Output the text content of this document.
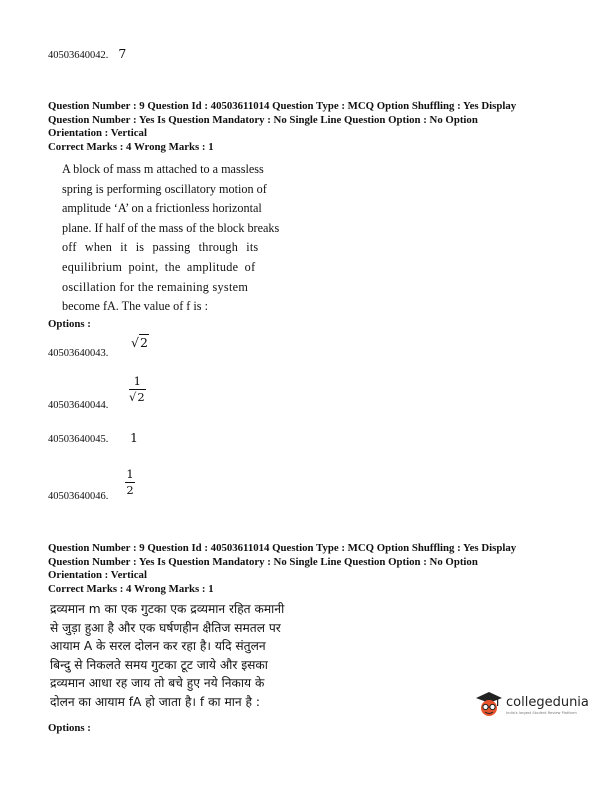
40503640042. 7
Question Number : 9 Question Id : 40503611014 Question Type : MCQ Option Shuffling : Yes Display
Question Number : Yes Is Question Mandatory : No Single Line Question Option : No Option
Orientation : Vertical
Correct Marks : 4 Wrong Marks : 1
A block of mass m attached to a massless
spring is performing oscillatory motion of
amplitude ‘A’ on a frictionless horizontal
plane. If half of the mass of the block breaks
off when it is passing through its
equilibrium point, the amplitude of
oscillation for the remaining system
become fA. The value of f is :
Options :
40503640043.
√2
40503640044.
1
√2
40503640045. 1
40503640046.
1
2
Question Number : 9 Question Id : 40503611014 Question Type : MCQ Option Shuffling : Yes Display
Question Number : Yes Is Question Mandatory : No Single Line Question Option : No Option
Orientation : Vertical
Correct Marks : 4 Wrong Marks : 1
द्रव्यमान m का एक गुटका एक द्रव्यमान रहित कमानी
से जुड़ा हुआ है और एक घर्षणहीन क्षैतिज समतल पर
आयाम A के सरल दोलन कर रहा है। यदि संतुलन
बिन्दु से निकलते समय गुटका टूट जाये और इसका
द्रव्यमान आधा रह जाय तो बचे हुए नये निकाय के
दोलन का आयाम fA हो जाता है। f का मान है :
Options :
collegedunia
India's largest Student Review Platform
